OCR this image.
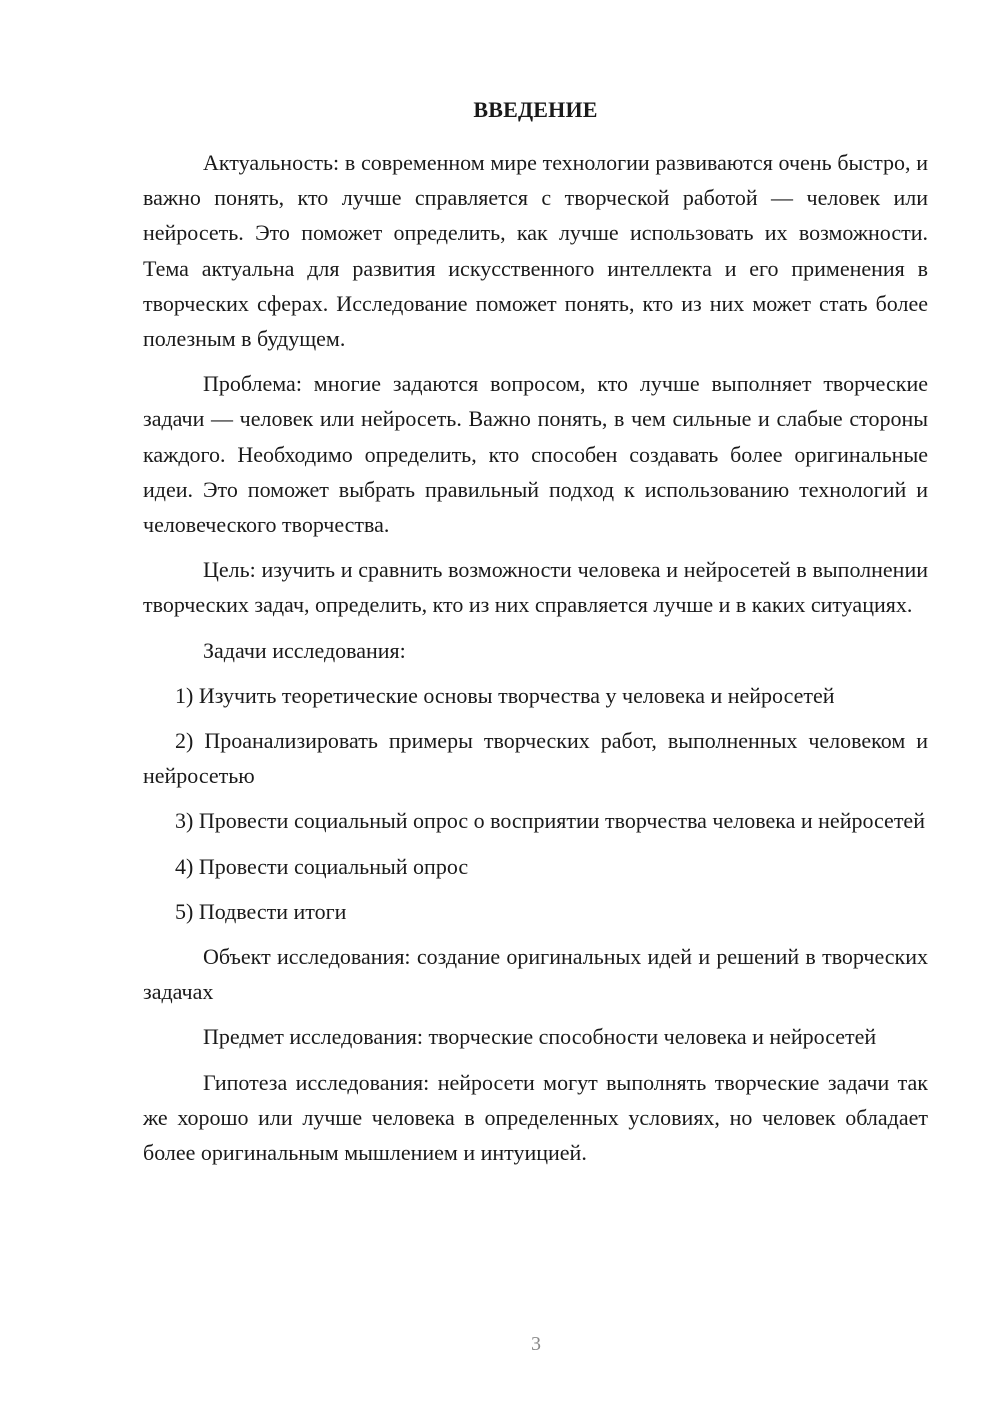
ВВЕДЕНИЕ

Актуальность: в современном мире технологии развиваются очень быстро, и важно понять, кто лучше справляется с творческой работой — человек или нейросеть. Это поможет определить, как лучше использовать их возможности. Тема актуальна для развития искусственного интеллекта и его применения в творческих сферах. Исследование поможет понять, кто из них может стать более полезным в будущем.

Проблема: многие задаются вопросом, кто лучше выполняет творческие задачи — человек или нейросеть. Важно понять, в чем сильные и слабые стороны каждого. Необходимо определить, кто способен создавать более оригинальные идеи. Это поможет выбрать правильный подход к использованию технологий и человеческого творчества.

Цель: изучить и сравнить возможности человека и нейросетей в выполнении творческих задач, определить, кто из них справляется лучше и в каких ситуациях.

Задачи исследования:

1) Изучить теоретические основы творчества у человека и нейросетей

2) Проанализировать примеры творческих работ, выполненных человеком и нейросетью

3) Провести социальный опрос о восприятии творчества человека и нейросетей

4) Провести социальный опрос

5) Подвести итоги

Объект исследования: создание оригинальных идей и решений в творческих задачах

Предмет исследования: творческие способности человека и нейросетей

Гипотеза исследования: нейросети могут выполнять творческие задачи так же хорошо или лучше человека в определенных условиях, но человек обладает более оригинальным мышлением и интуицией.

3
